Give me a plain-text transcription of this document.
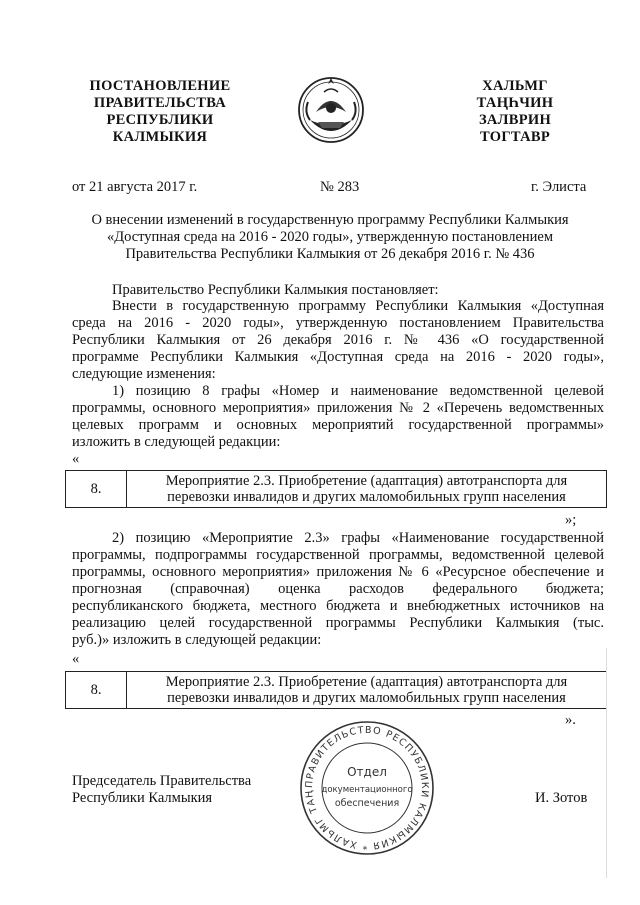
ПОСТАНОВЛЕНИЕ
ПРАВИТЕЛЬСТВА
РЕСПУБЛИКИ
КАЛМЫКИЯ
ХАЛЬМГ
ТАҢҺЧИН
ЗАЛВРИН
ТОГТАВР
от 21 августа 2017 г.	№ 283	г. Элиста
О внесении изменений в государственную программу Республики Калмыкия
«Доступная среда на 2016 - 2020 годы», утвержденную постановлением
Правительства Республики Калмыкия от 26 декабря 2016 г. № 436
Правительство Республики Калмыкия постановляет:
Внести в государственную программу Республики Калмыкия «Доступная
среда на 2016 - 2020 годы», утвержденную постановлением Правительства
Республики Калмыкия от 26 декабря 2016 г. № 436 «О государственной
программе Республики Калмыкия «Доступная среда на 2016 - 2020 годы»,
следующие изменения:
1) позицию 8 графы «Номер и наименование ведомственной целевой
программы, основного мероприятия» приложения № 2 «Перечень ведомственных
целевых программ и основных мероприятий государственной программы»
изложить в следующей редакции:
«
8.	Мероприятие 2.3. Приобретение (адаптация) автотранспорта для
перевозки инвалидов и других маломобильных групп населения
»;
2) позицию «Мероприятие 2.3» графы «Наименование государственной
программы, подпрограммы государственной программы, ведомственной целевой
программы, основного мероприятия» приложения № 6 «Ресурсное обеспечение и
прогнозная (справочная) оценка расходов федерального бюджета;
республиканского бюджета, местного бюджета и внебюджетных источников на
реализацию целей государственной программы Республики Калмыкия (тыс.
руб.)» изложить в следующей редакции:
«
8.	Мероприятие 2.3. Приобретение (адаптация) автотранспорта для
перевозки инвалидов и других маломобильных групп населения
».
ПРАВИТЕЛЬСТВО РЕСПУБЛИКИ КАЛМЫКИЯ * ХАЛЬМГ ТАҢ
Отдел
документационного
обеспечения
Председатель Правительства
Республики Калмыкия	И. Зотов
